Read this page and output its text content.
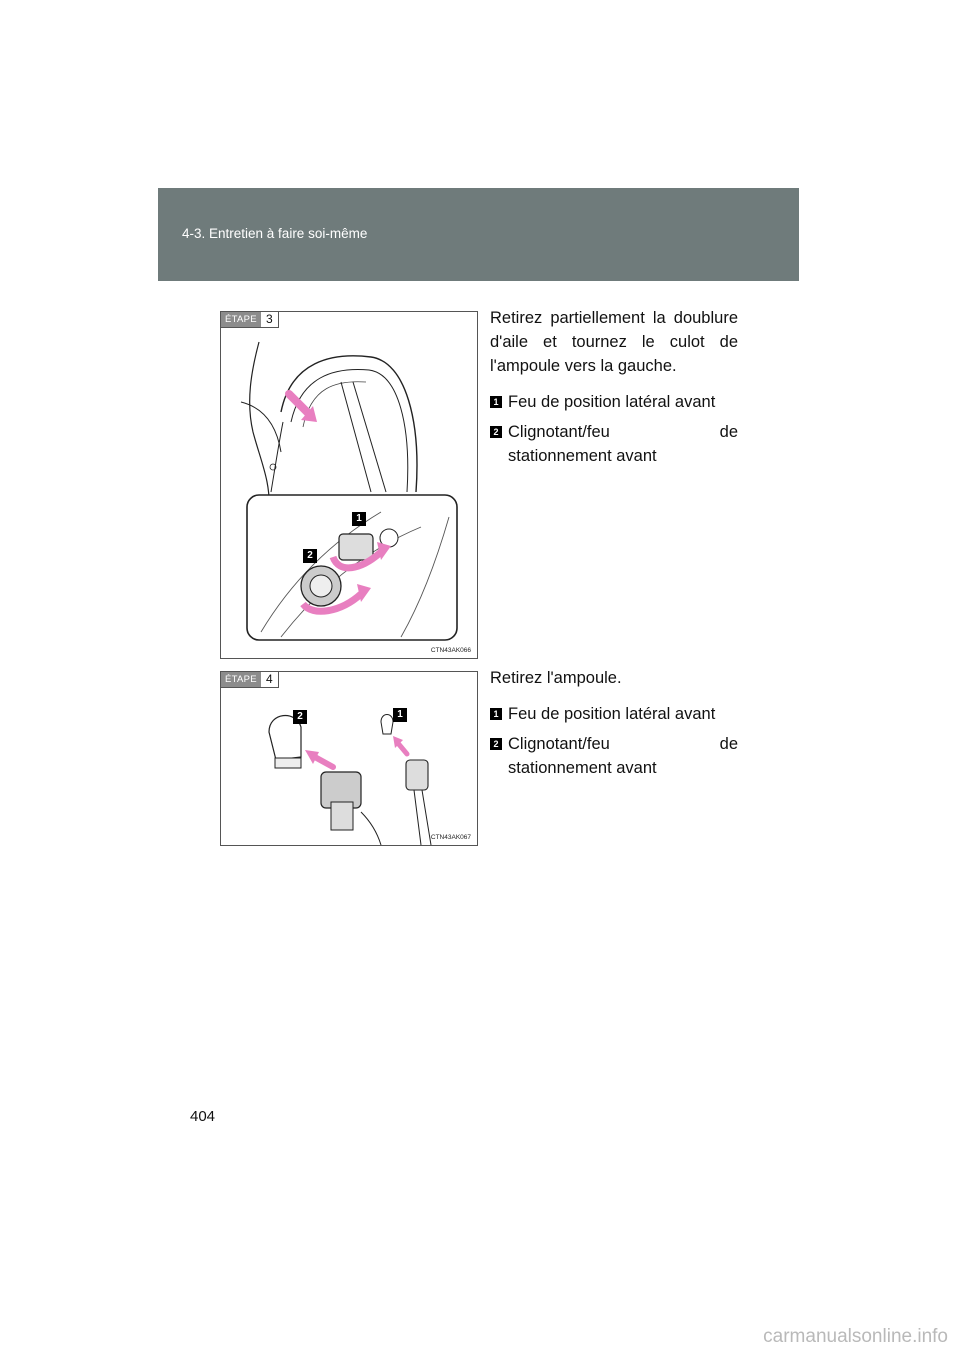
4-3. Entretien à faire soi-même
1
2
ÉTAPE 3
CTN43AK066

Retirez partiellement la doublure d'aile et tournez le culot de l'ampoule vers la gauche.

1 Feu de position latéral avant
2 Clignotant/feu de
stationnement avant
2	1
ÉTAPE 4
CTN43AK067

Retirez l'ampoule.

1 Feu de position latéral avant
2 Clignotant/feu de
stationnement avant
404
carmanualsonline.info
